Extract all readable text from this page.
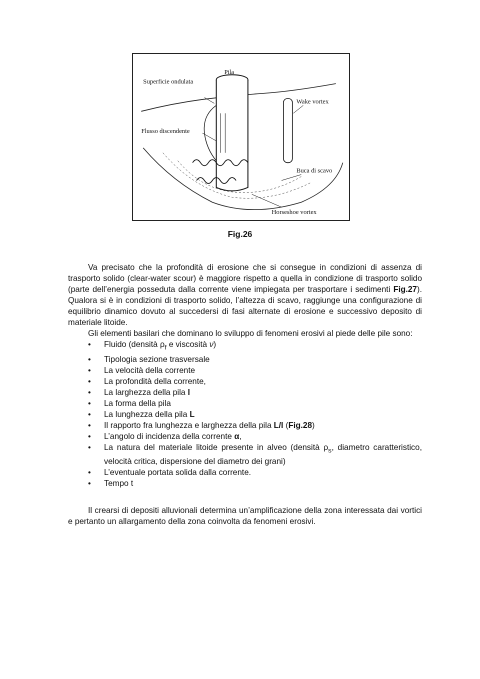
Pila
Superficie ondulata
Wake vortex
Flusso discendente
Buca di scavo
Horseshoe vortex
Fig.26

Va precisato che la profondità di erosione che si consegue in condizioni di assenza di trasporto solido (clear-water scour) è maggiore rispetto a quella in condizione di trasporto solido (parte dell’energia posseduta dalla corrente viene impiegata per trasportare i sedimenti Fig.27). Qualora si è in condizioni di trasporto solido, l’altezza di scavo, raggiunge una configurazione di equilibrio dinamico dovuto al succedersi di fasi alternate di erosione e successivo deposito di materiale litoide.

Gli elementi basilari che dominano lo sviluppo di fenomeni erosivi al piede delle pile sono:

• Fluido (densità $\rho_f$ e viscosità ν)
• Tipologia sezione trasversale
• La velocità della corrente
• La profondità della corrente,
• La larghezza della pila l
• La forma della pila
• La lunghezza della pila L
• Il rapporto fra lunghezza e larghezza della pila L/l (Fig.28)
• L’angolo di incidenza della corrente α,
• La natura del materiale litoide presente in alveo (densità $\rho_s$, diametro caratteristico, velocità critica, dispersione del diametro dei grani)
• L’eventuale portata solida dalla corrente.
• Tempo t

Il crearsi di depositi alluvionali determina un’amplificazione della zona interessata dai vortici e pertanto un allargamento della zona coinvolta da fenomeni erosivi.
